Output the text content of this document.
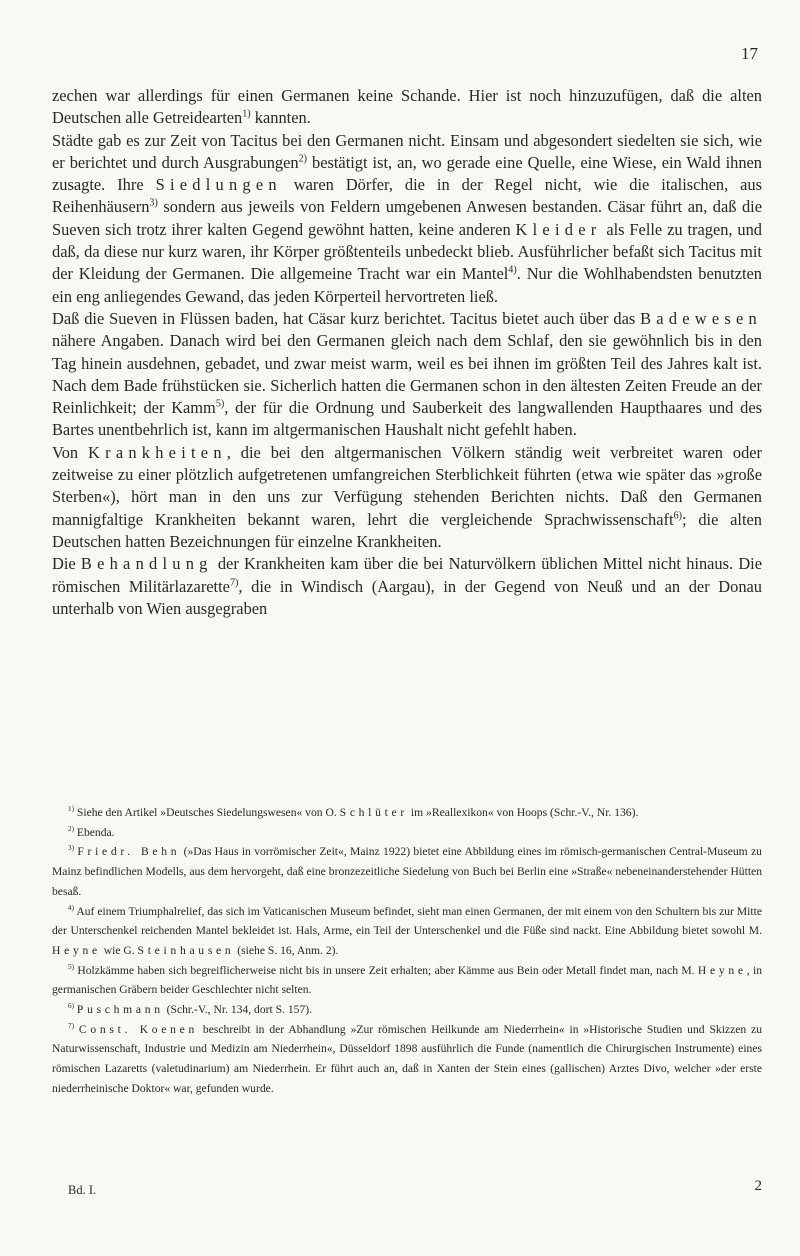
17

zechen war allerdings für einen Germanen keine Schande. Hier ist noch hinzuzufügen, daß die alten Deutschen alle Getreidearten$^{1)}$ kannten.

Städte gab es zur Zeit von Tacitus bei den Germanen nicht. Einsam und abgesondert siedelten sie sich, wie er berichtet und durch Ausgrabungen$^{2)}$ bestätigt ist, an, wo gerade eine Quelle, eine Wiese, ein Wald ihnen zusagte. Ihre Siedlungen waren Dörfer, die in der Regel nicht, wie die italischen, aus Reihenhäusern$^{3)}$ sondern aus jeweils von Feldern umgebenen Anwesen bestanden. Cäsar führt an, daß die Sueven sich trotz ihrer kalten Gegend gewöhnt hatten, keine anderen Kleider als Felle zu tragen, und daß, da diese nur kurz waren, ihr Körper größtenteils unbedeckt blieb. Ausführlicher befaßt sich Tacitus mit der Kleidung der Germanen. Die allgemeine Tracht war ein Mantel$^{4)}$. Nur die Wohlhabendsten benutzten ein eng anliegendes Gewand, das jeden Körperteil hervortreten ließ.

Daß die Sueven in Flüssen baden, hat Cäsar kurz berichtet. Tacitus bietet auch über das Badewesen nähere Angaben. Danach wird bei den Germanen gleich nach dem Schlaf, den sie gewöhnlich bis in den Tag hinein ausdehnen, gebadet, und zwar meist warm, weil es bei ihnen im größten Teil des Jahres kalt ist. Nach dem Bade frühstücken sie. Sicherlich hatten die Germanen schon in den ältesten Zeiten Freude an der Reinlichkeit; der Kamm$^{5)}$, der für die Ordnung und Sauberkeit des langwallenden Haupthaares und des Bartes unentbehrlich ist, kann im altgermanischen Haushalt nicht gefehlt haben.

Von Krankheiten, die bei den altgermanischen Völkern ständig weit verbreitet waren oder zeitweise zu einer plötzlich aufgetretenen umfangreichen Sterblichkeit führten (etwa wie später das »große Sterben«), hört man in den uns zur Verfügung stehenden Berichten nichts. Daß den Germanen mannigfaltige Krankheiten bekannt waren, lehrt die vergleichende Sprachwissenschaft$^{6)}$; die alten Deutschen hatten Bezeichnungen für einzelne Krankheiten.

Die Behandlung der Krankheiten kam über die bei Naturvölkern üblichen Mittel nicht hinaus. Die römischen Militärlazarette$^{7)}$, die in Windisch (Aargau), in der Gegend von Neuß und an der Donau unterhalb von Wien ausgegraben

$^{1)}$ Siehe den Artikel »Deutsches Siedelungswesen« von O. Schlüter im »Reallexikon« von Hoops (Schr.-V., Nr. 136).

$^{2)}$ Ebenda.

$^{3)}$ Friedr. Behn (»Das Haus in vorrömischer Zeit«, Mainz 1922) bietet eine Abbildung eines im römisch-germanischen Central-Museum zu Mainz befindlichen Modells, aus dem hervorgeht, daß eine bronzezeitliche Siedelung von Buch bei Berlin eine »Straße« nebeneinanderstehender Hütten besaß.

$^{4)}$ Auf einem Triumphalrelief, das sich im Vaticanischen Museum befindet, sieht man einen Germanen, der mit einem von den Schultern bis zur Mitte der Unterschenkel reichenden Mantel bekleidet ist. Hals, Arme, ein Teil der Unterschenkel und die Füße sind nackt. Eine Abbildung bietet sowohl M. Heyne wie G. Steinhausen (siehe S. 16, Anm. 2).

$^{5)}$ Holzkämme haben sich begreiflicherweise nicht bis in unsere Zeit erhalten; aber Kämme aus Bein oder Metall findet man, nach M. Heyne, in germanischen Gräbern beider Geschlechter nicht selten.

$^{6)}$ Puschmann (Schr.-V., Nr. 134, dort S. 157).

$^{7)}$ Const. Koenen beschreibt in der Abhandlung »Zur römischen Heilkunde am Niederrhein« in »Historische Studien und Skizzen zu Naturwissenschaft, Industrie und Medizin am Niederrhein«, Düsseldorf 1898 ausführlich die Funde (namentlich die Chirurgischen Instrumente) eines römischen Lazaretts (valetudinarium) am Niederrhein. Er führt auch an, daß in Xanten der Stein eines (gallischen) Arztes Divo, welcher »der erste niederrheinische Doktor« war, gefunden wurde.

Bd. I.	2
